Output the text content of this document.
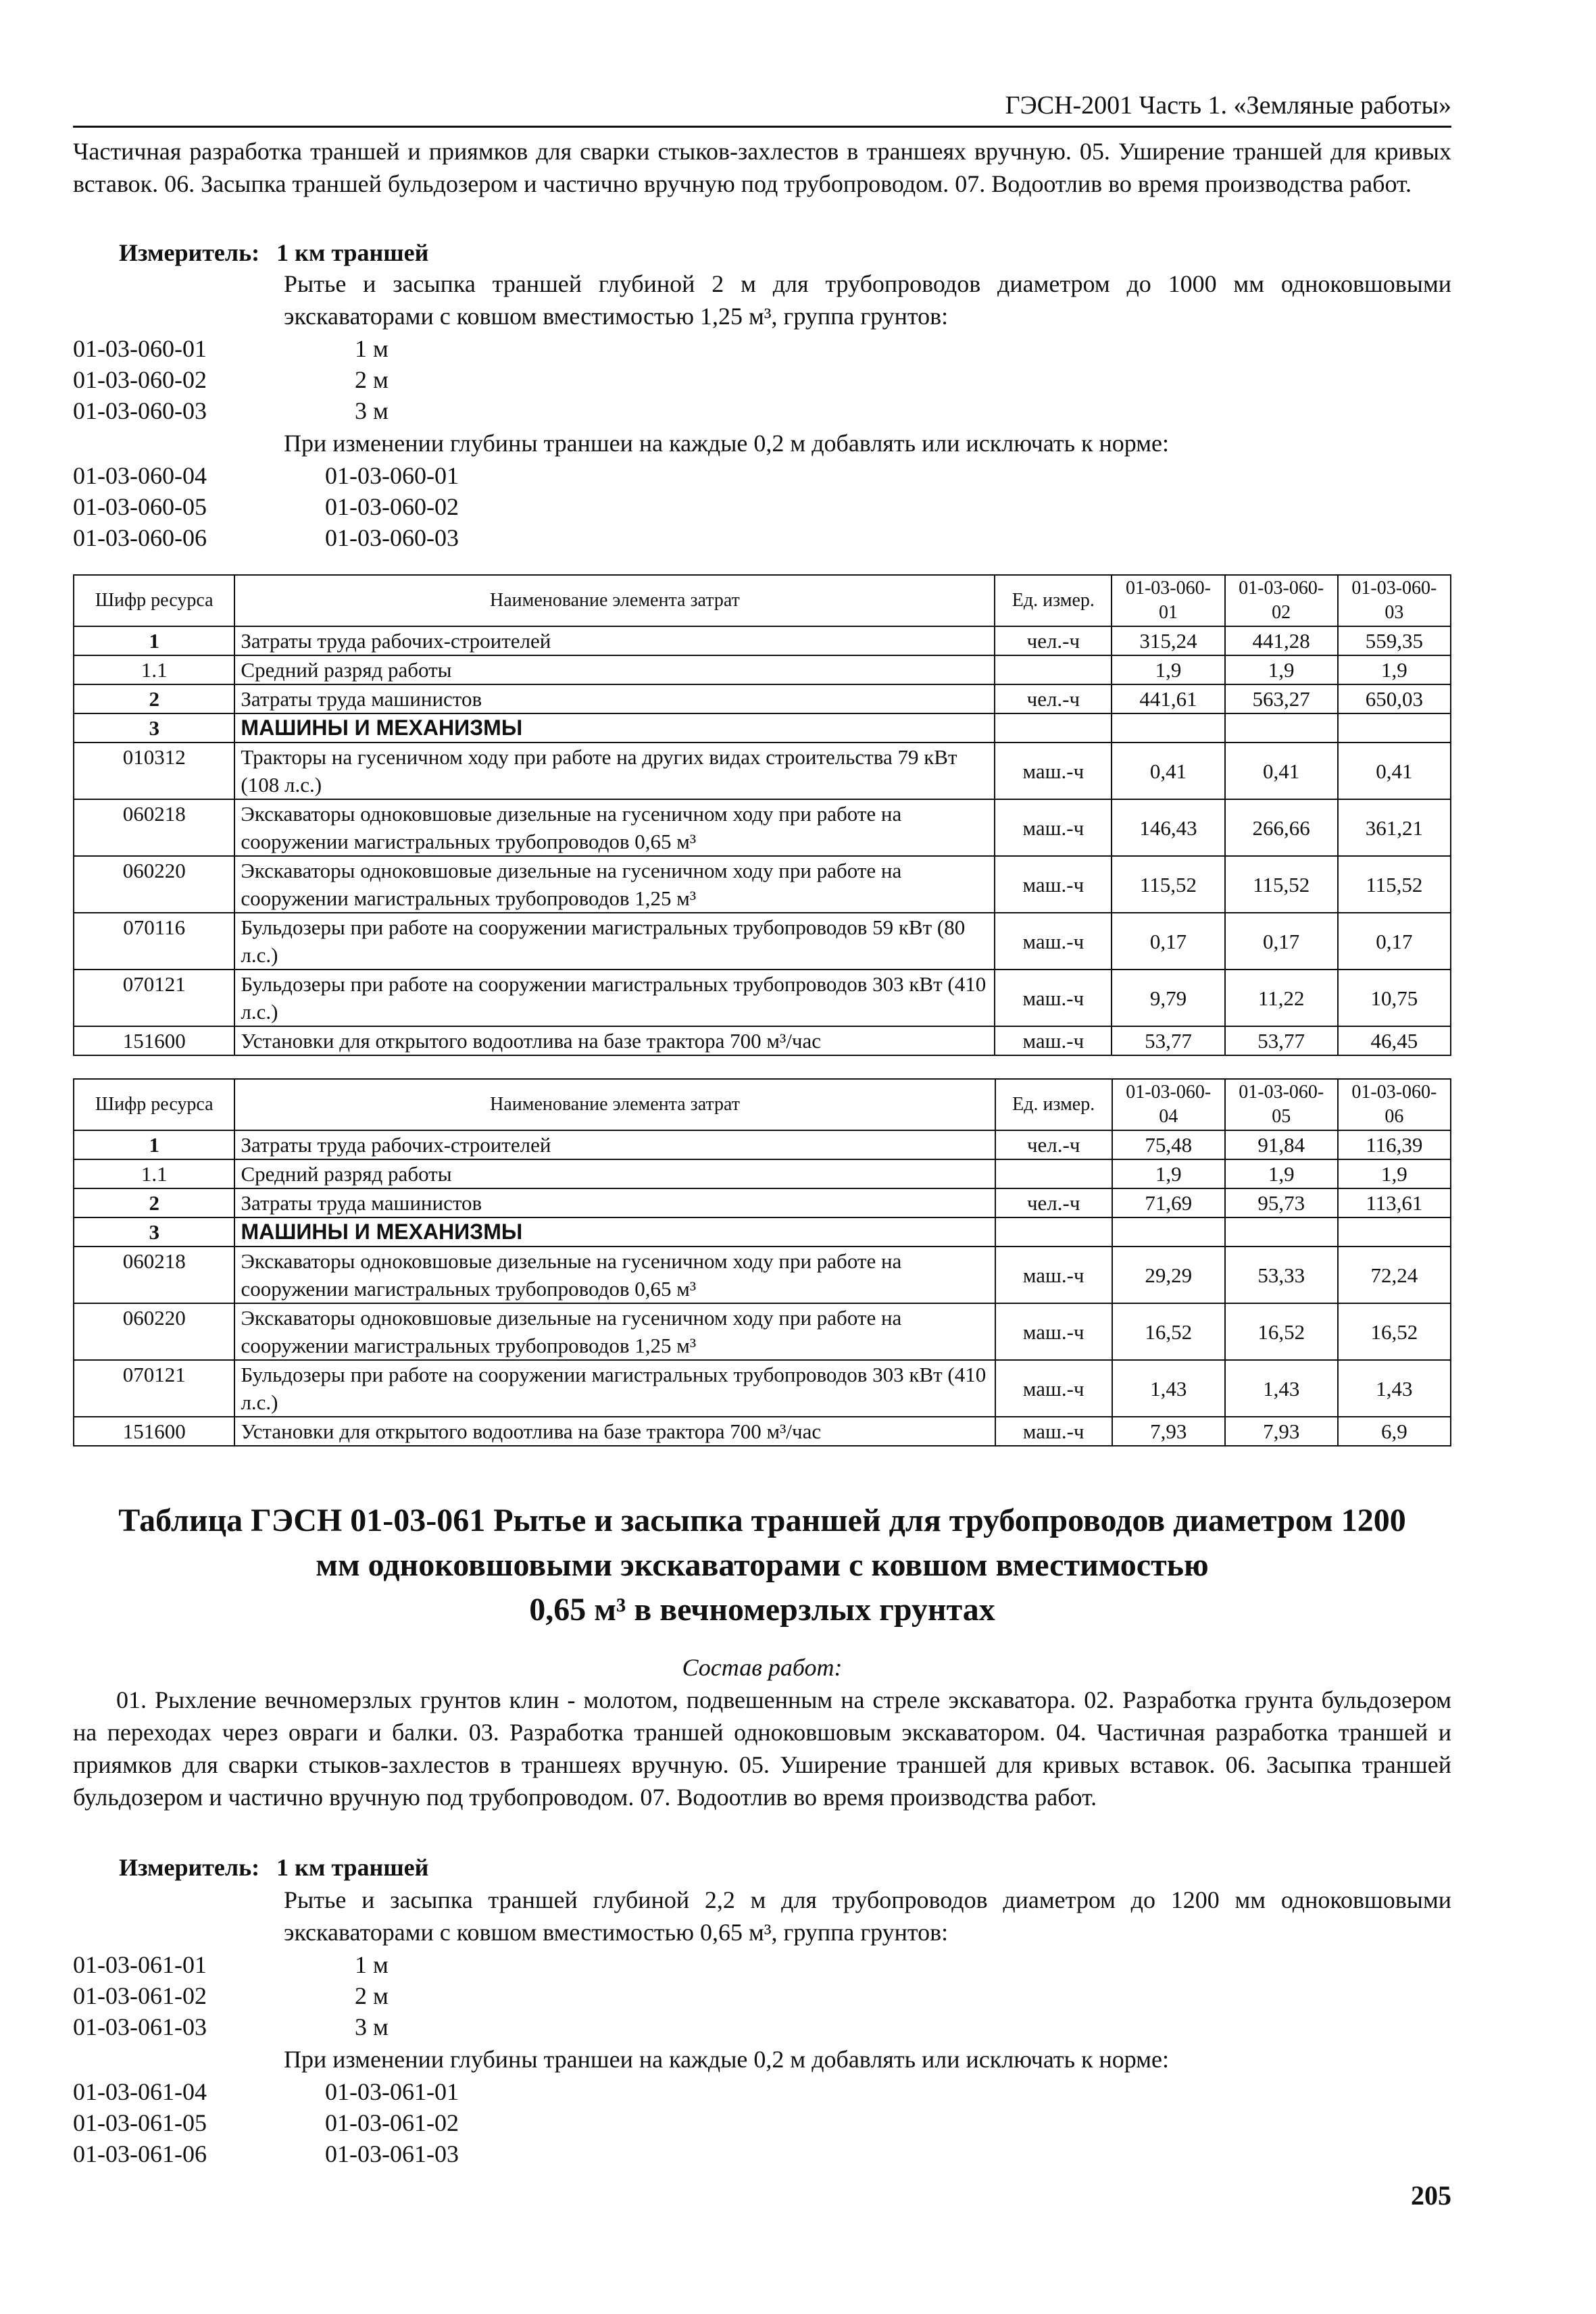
ГЭСН-2001 Часть 1. «Земляные работы»
Частичная разработка траншей и приямков для сварки стыков-захлестов в траншеях вручную. 05. Уширение траншей для кривых вставок. 06. Засыпка траншей бульдозером и частично вручную под трубопроводом. 07. Водоотлив во время производства работ.
Измеритель: 1 км траншей
Рытье и засыпка траншей глубиной 2 м для трубопроводов диаметром до 1000 мм одноковшовыми экскаваторами с ковшом вместимостью 1,25 м³, группа грунтов:
01-03-060-01	1 м
01-03-060-02	2 м
01-03-060-03	3 м
При изменении глубины траншеи на каждые 0,2 м добавлять или исключать к норме:
01-03-060-04	01-03-060-01
01-03-060-05	01-03-060-02
01-03-060-06	01-03-060-03
Шифр ресурса	Наименование элемента затрат	Ед. измер.	01-03-060-01	01-03-060-02	01-03-060-03
1	Затраты труда рабочих-строителей	чел.-ч	315,24	441,28	559,35
1.1	Средний разряд работы		1,9	1,9	1,9
2	Затраты труда машинистов	чел.-ч	441,61	563,27	650,03
3	МАШИНЫ И МЕХАНИЗМЫ				
010312	Тракторы на гусеничном ходу при работе на других видах строительства 79 кВт (108 л.с.)	маш.-ч	0,41	0,41	0,41
060218	Экскаваторы одноковшовые дизельные на гусеничном ходу при работе на сооружении магистральных трубопроводов 0,65 м³	маш.-ч	146,43	266,66	361,21
060220	Экскаваторы одноковшовые дизельные на гусеничном ходу при работе на сооружении магистральных трубопроводов 1,25 м³	маш.-ч	115,52	115,52	115,52
070116	Бульдозеры при работе на сооружении магистральных трубопроводов 59 кВт (80 л.с.)	маш.-ч	0,17	0,17	0,17
070121	Бульдозеры при работе на сооружении магистральных трубопроводов 303 кВт (410 л.с.)	маш.-ч	9,79	11,22	10,75
151600	Установки для открытого водоотлива на базе трактора 700 м³/час	маш.-ч	53,77	53,77	46,45
Шифр ресурса	Наименование элемента затрат	Ед. измер.	01-03-060-04	01-03-060-05	01-03-060-06
1	Затраты труда рабочих-строителей	чел.-ч	75,48	91,84	116,39
1.1	Средний разряд работы		1,9	1,9	1,9
2	Затраты труда машинистов	чел.-ч	71,69	95,73	113,61
3	МАШИНЫ И МЕХАНИЗМЫ				
060218	Экскаваторы одноковшовые дизельные на гусеничном ходу при работе на сооружении магистральных трубопроводов 0,65 м³	маш.-ч	29,29	53,33	72,24
060220	Экскаваторы одноковшовые дизельные на гусеничном ходу при работе на сооружении магистральных трубопроводов 1,25 м³	маш.-ч	16,52	16,52	16,52
070121	Бульдозеры при работе на сооружении магистральных трубопроводов 303 кВт (410 л.с.)	маш.-ч	1,43	1,43	1,43
151600	Установки для открытого водоотлива на базе трактора 700 м³/час	маш.-ч	7,93	7,93	6,9
Таблица ГЭСН 01-03-061 Рытье и засыпка траншей для трубопроводов диаметром 1200
мм одноковшовыми экскаваторами с ковшом вместимостью
0,65 м³ в вечномерзлых грунтах
Состав работ:
01. Рыхление вечномерзлых грунтов клин - молотом, подвешенным на стреле экскаватора. 02. Разработка грунта бульдозером на переходах через овраги и балки. 03. Разработка траншей одноковшовым экскаватором. 04. Частичная разработка траншей и приямков для сварки стыков-захлестов в траншеях вручную. 05. Уширение траншей для кривых вставок. 06. Засыпка траншей бульдозером и частично вручную под трубопроводом. 07. Водоотлив во время производства работ.
Измеритель: 1 км траншей
Рытье и засыпка траншей глубиной 2,2 м для трубопроводов диаметром до 1200 мм одноковшовыми экскаваторами с ковшом вместимостью 0,65 м³, группа грунтов:
01-03-061-01	1 м
01-03-061-02	2 м
01-03-061-03	3 м
При изменении глубины траншеи на каждые 0,2 м добавлять или исключать к норме:
01-03-061-04	01-03-061-01
01-03-061-05	01-03-061-02
01-03-061-06	01-03-061-03
205
